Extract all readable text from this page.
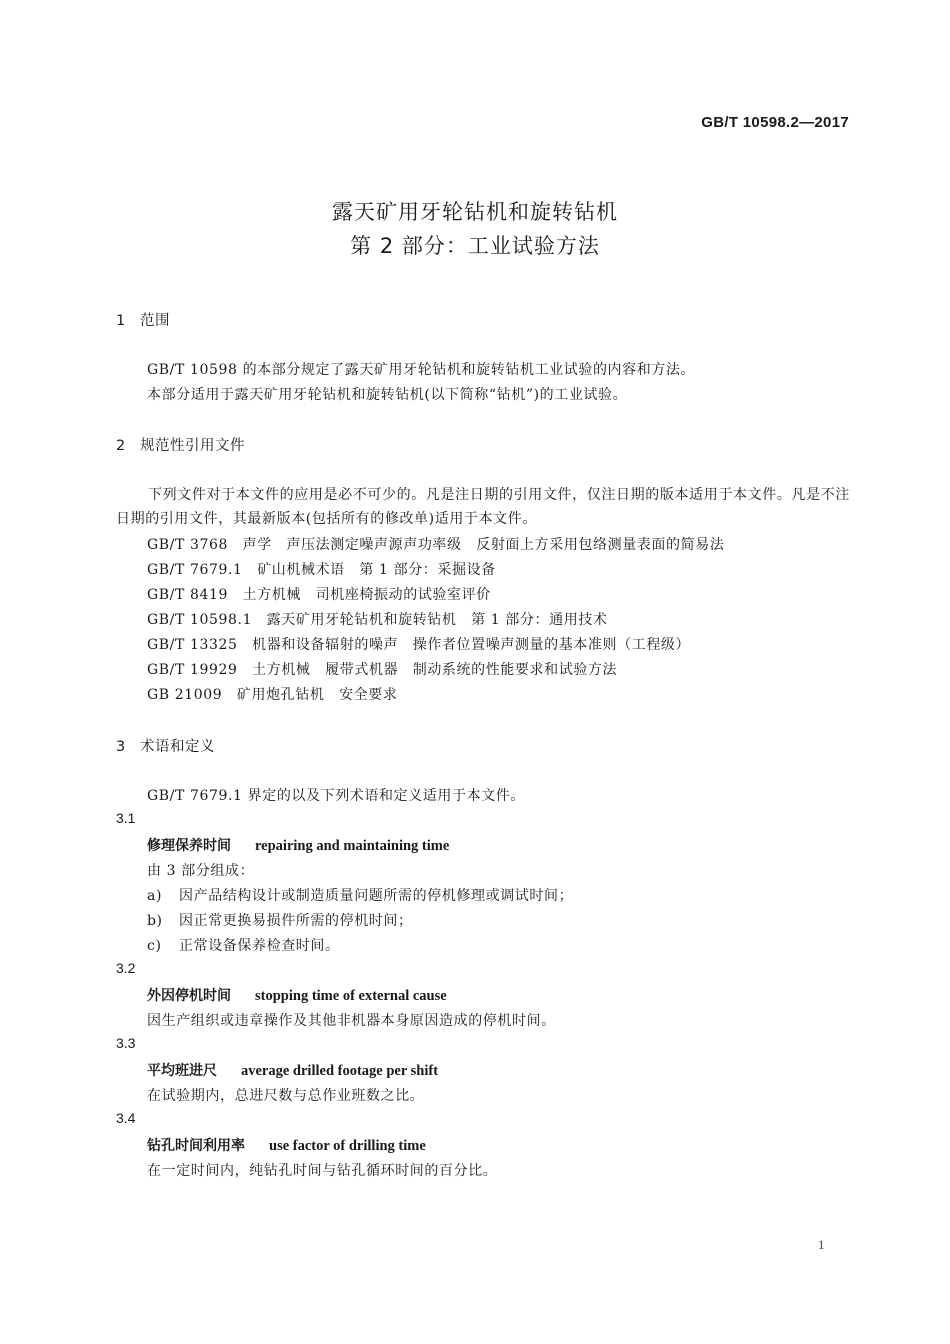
GB/T 10598.2—2017
露天矿用牙轮钻机和旋转钻机
第 2 部分：工业试验方法
1 范围
GB/T 10598 的本部分规定了露天矿用牙轮钻机和旋转钻机工业试验的内容和方法。
本部分适用于露天矿用牙轮钻机和旋转钻机(以下简称“钻机”)的工业试验。
2 规范性引用文件
下列文件对于本文件的应用是必不可少的。凡是注日期的引用文件，仅注日期的版本适用于本文件。凡是不注日期的引用文件，其最新版本(包括所有的修改单)适用于本文件。
GB/T 3768　 声学　声压法测定噪声源声功率级　反射面上方采用包络测量表面的简易法
GB/T 7679.1　 矿山机械术语　第 1 部分：采掘设备
GB/T 8419　 土方机械　司机座椅振动的试验室评价
GB/T 10598.1　 露天矿用牙轮钻机和旋转钻机　第 1 部分：通用技术
GB/T 13325　 机器和设备辐射的噪声　操作者位置噪声测量的基本准则（工程级）
GB/T 19929　 土方机械　履带式机器　制动系统的性能要求和试验方法
GB 21009　 矿用炮孔钻机　安全要求
3 术语和定义
GB/T 7679.1 界定的以及下列术语和定义适用于本文件。
3.1
修理保养时间 repairing and maintaining time
由 3 部分组成：
a) 因产品结构设计或制造质量问题所需的停机修理或调试时间；
b) 因正常更换易损件所需的停机时间；
c) 正常设备保养检查时间。
3.2
外因停机时间 stopping time of external cause
因生产组织或违章操作及其他非机器本身原因造成的停机时间。
3.3
平均班进尺 average drilled footage per shift
在试验期内，总进尺数与总作业班数之比。
3.4
钻孔时间利用率 use factor of drilling time
在一定时间内，纯钻孔时间与钻孔循环时间的百分比。
1
